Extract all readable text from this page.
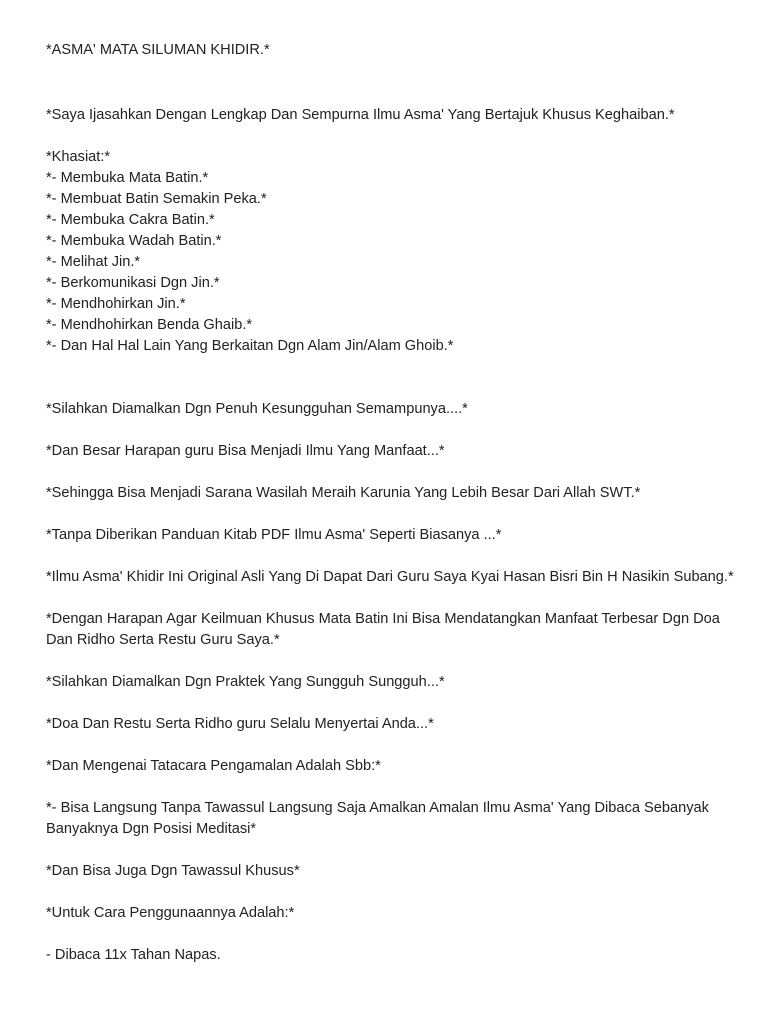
*ASMA' MATA SILUMAN KHIDIR.*

*Saya Ijasahkan Dengan Lengkap Dan Sempurna Ilmu Asma' Yang Bertajuk Khusus Keghaiban.*

*Khasiat:*

*- Membuka Mata Batin.*

*- Membuat Batin Semakin Peka.*

*- Membuka Cakra Batin.*

*- Membuka Wadah Batin.*

*- Melihat Jin.*

*- Berkomunikasi Dgn Jin.*

*- Mendhohirkan Jin.*

*- Mendhohirkan Benda Ghaib.*

*- Dan Hal Hal Lain Yang Berkaitan Dgn Alam Jin/Alam Ghoib.*

*Silahkan Diamalkan Dgn Penuh Kesungguhan Semampunya....*

*Dan Besar Harapan guru Bisa Menjadi Ilmu Yang Manfaat...*

*Sehingga Bisa Menjadi Sarana Wasilah Meraih Karunia Yang Lebih Besar Dari Allah SWT.*

*Tanpa Diberikan Panduan Kitab PDF Ilmu Asma' Seperti Biasanya ...*

*Ilmu Asma' Khidir Ini Original Asli Yang Di Dapat Dari Guru Saya Kyai Hasan Bisri Bin H Nasikin Subang.*

*Dengan Harapan Agar Keilmuan Khusus Mata Batin Ini Bisa Mendatangkan Manfaat Terbesar Dgn Doa Dan Ridho Serta Restu Guru Saya.*

*Silahkan Diamalkan Dgn Praktek Yang Sungguh Sungguh...*

*Doa Dan Restu Serta Ridho guru Selalu Menyertai Anda...*

*Dan Mengenai Tatacara Pengamalan Adalah Sbb:*

*- Bisa Langsung Tanpa Tawassul Langsung Saja Amalkan Amalan Ilmu Asma' Yang Dibaca Sebanyak Banyaknya Dgn Posisi Meditasi*

*Dan Bisa Juga Dgn Tawassul Khusus*

*Untuk Cara Penggunaannya Adalah:*

- Dibaca 11x Tahan Napas.
